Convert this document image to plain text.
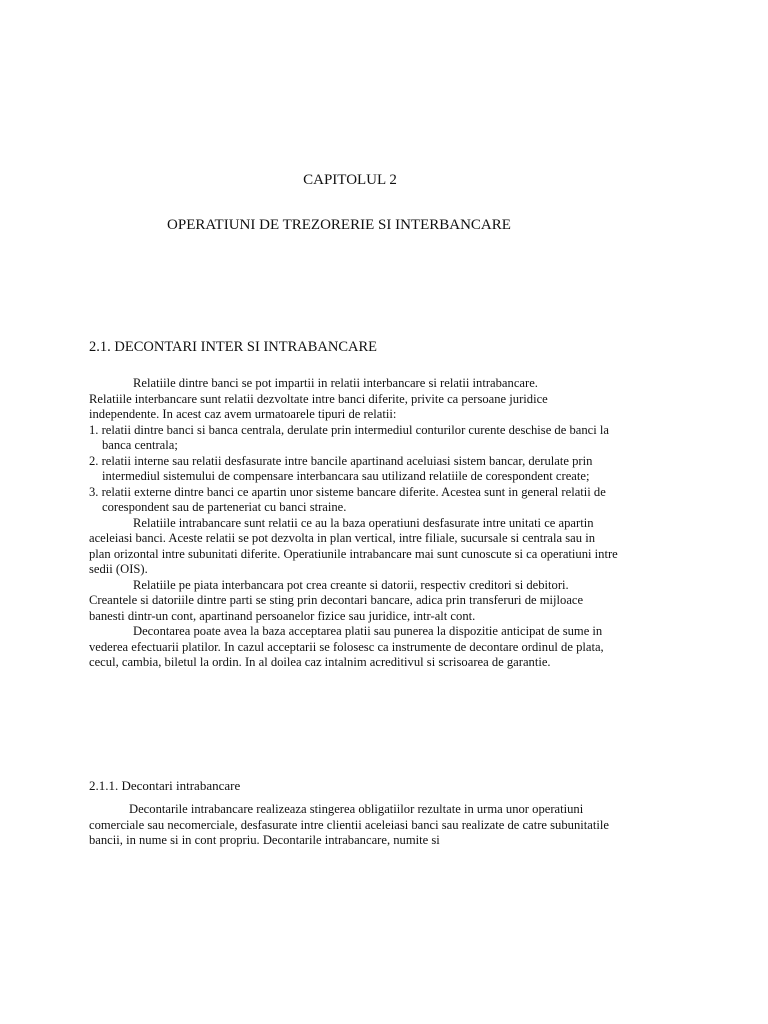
CAPITOLUL 2
OPERATIUNI DE TREZORERIE SI INTERBANCARE
2.1. DECONTARI INTER SI INTRABANCARE

Relatiile dintre banci se pot impartii in relatii interbancare si relatii intrabancare.

Relatiile interbancare sunt relatii dezvoltate intre banci diferite, privite ca persoane juridice independente. In acest caz avem urmatoarele tipuri de relatii:

1. relatii dintre banci si banca centrala, derulate prin intermediul conturilor curente deschise de banci la banca centrala;

2. relatii interne sau relatii desfasurate intre bancile apartinand aceluiasi sistem bancar, derulate prin intermediul sistemului de compensare interbancara sau utilizand relatiile de corespondent create;

3. relatii externe dintre banci ce apartin unor sisteme bancare diferite. Acestea sunt in general relatii de corespondent sau de parteneriat cu banci straine.

Relatiile intrabancare sunt relatii ce au la baza operatiuni desfasurate intre unitati ce apartin aceleiasi banci. Aceste relatii se pot dezvolta in plan vertical, intre filiale, sucursale si centrala sau in plan orizontal intre subunitati diferite. Operatiunile intrabancare mai sunt cunoscute si ca operatiuni intre sedii (OIS).

Relatiile pe piata interbancara pot crea creante si datorii, respectiv creditori si debitori. Creantele si datoriile dintre parti se sting prin decontari bancare, adica prin transferuri de mijloace banesti dintr-un cont, apartinand persoanelor fizice sau juridice, intr-alt cont.

Decontarea poate avea la baza acceptarea platii sau punerea la dispozitie anticipat de sume in vederea efectuarii platilor. In cazul acceptarii se folosesc ca instrumente de decontare ordinul de plata, cecul, cambia, biletul la ordin. In al doilea caz intalnim acreditivul si scrisoarea de garantie.

2.1.1. Decontari intrabancare

Decontarile intrabancare realizeaza stingerea obligatiilor rezultate in urma unor operatiuni comerciale sau necomerciale, desfasurate intre clientii aceleiasi banci sau realizate de catre subunitatile bancii, in nume si in cont propriu. Decontarile intrabancare, numite si
